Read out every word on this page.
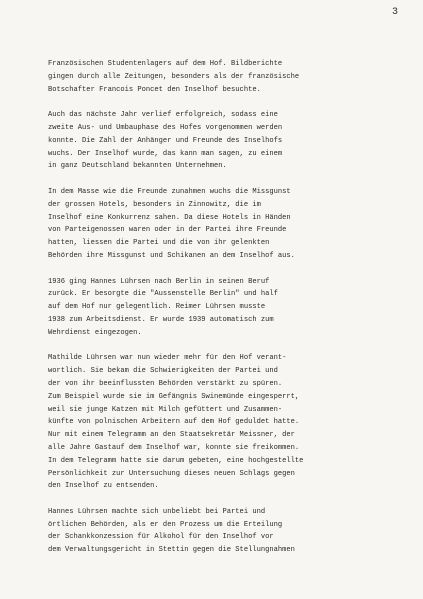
3

Französischen Studentenlagers auf dem Hof. Bildberichte
gingen durch alle Zeitungen, besonders als der französische
Botschafter Francois Poncet den Inselhof besuchte.

Auch das nächste Jahr verlief erfolgreich, sodass eine
zweite Aus- und Umbauphase des Hofes vorgenommen werden
konnte. Die Zahl der Anhänger und Freunde des Inselhofs
wuchs. Der Inselhof wurde, das kann man sagen, zu einem
in ganz Deutschland bekannten Unternehmen.

In dem Masse wie die Freunde zunahmen wuchs die Missgunst
der grossen Hotels, besonders in Zinnowitz, die im
Inselhof eine Konkurrenz sahen. Da diese Hotels in Händen
von Parteigenossen waren oder in der Partei ihre Freunde
hatten, liessen die Partei und die von ihr gelenkten
Behörden ihre Missgunst und Schikanen an dem Inselhof aus.

1936 ging Hannes Lührsen nach Berlin in seinen Beruf
zurück. Er besorgte die "Aussenstelle Berlin" und half
auf dem Hof nur gelegentlich. Reimer Lührsen musste
1938 zum Arbeitsdienst. Er wurde 1939 automatisch zum
Wehrdienst eingezogen.

Mathilde Lührsen war nun wieder mehr für den Hof verant-
wortlich. Sie bekam die Schwierigkeiten der Partei und
der von ihr beeinflussten Behörden verstärkt zu spüren.
Zum Beispiel wurde sie im Gefängnis Swinemünde eingesperrt,
weil sie junge Katzen mit Milch gefüttert und Zusammen-
künfte von polnischen Arbeitern auf dem Hof geduldet hatte.
Nur mit einem Telegramm an den Staatsekretär Meissner, der
alle Jahre Gastauf dem Inselhof war, konnte sie freikommen.
In dem Telegramm hatte sie darum gebeten, eine hochgestellte
Persönlichkeit zur Untersuchung dieses neuen Schlags gegen
den Inselhof zu entsenden.

Hannes Lührsen machte sich unbeliebt bei Partei und
örtlichen Behörden, als er den Prozess um die Erteilung
der Schankkonzession für Alkohol für den Inselhof vor
dem Verwaltungsgericht in Stettin gegen die Stellungnahmen
